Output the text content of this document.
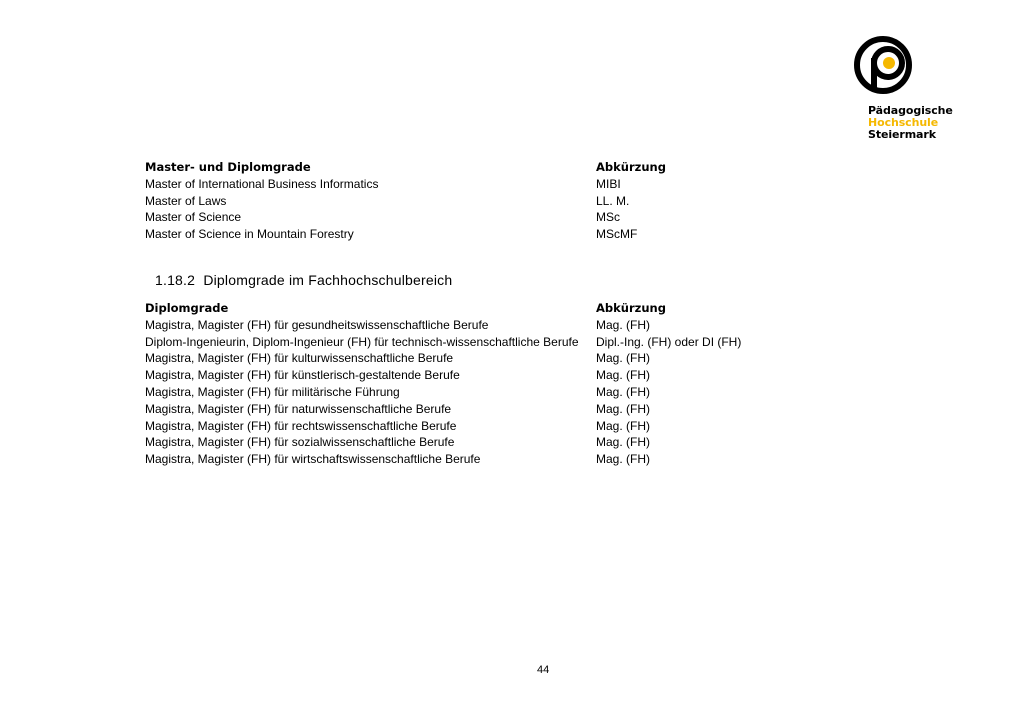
Pädagogische
Hochschule
Steiermark
Master- und Diplomgrade	Abkürzung
Master of International Business Informatics	MIBI
Master of Laws	LL. M.
Master of Science	MSc
Master of Science in Mountain Forestry	MScMF
1.18.2 Diplomgrade im Fachhochschulbereich
Diplomgrade	Abkürzung
Magistra, Magister (FH) für gesundheitswissenschaftliche Berufe	Mag. (FH)
Diplom-Ingenieurin, Diplom-Ingenieur (FH) für technisch-wissenschaftliche Berufe	Dipl.-Ing. (FH) oder DI (FH)
Magistra, Magister (FH) für kulturwissenschaftliche Berufe	Mag. (FH)
Magistra, Magister (FH) für künstlerisch-gestaltende Berufe	Mag. (FH)
Magistra, Magister (FH) für militärische Führung	Mag. (FH)
Magistra, Magister (FH) für naturwissenschaftliche Berufe	Mag. (FH)
Magistra, Magister (FH) für rechtswissenschaftliche Berufe	Mag. (FH)
Magistra, Magister (FH) für sozialwissenschaftliche Berufe	Mag. (FH)
Magistra, Magister (FH) für wirtschaftswissenschaftliche Berufe	Mag. (FH)
44
